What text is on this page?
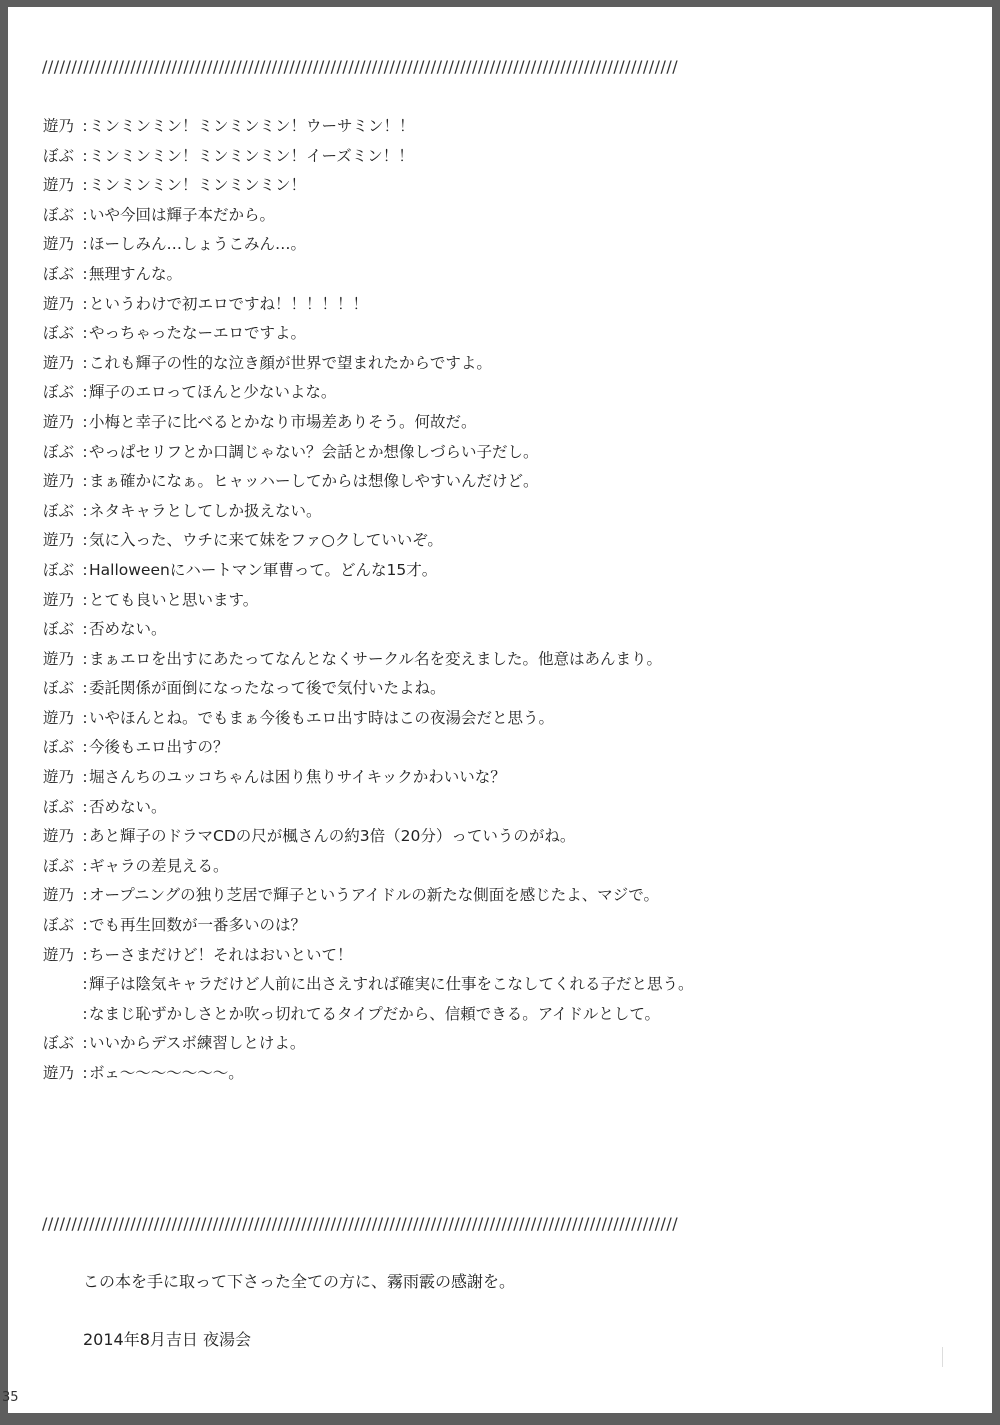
////////////////////////////////////////////////////////////////////////////////////////////////////////////
遊乃 :ミンミンミン！ミンミンミン！ウーサミン！！
ぼぶ :ミンミンミン！ミンミンミン！イーズミン！！
遊乃 :ミンミンミン！ミンミンミン！
ぼぶ :いや今回は輝子本だから。
遊乃 :ほーしみん…しょうこみん…。
ぼぶ :無理すんな。
遊乃 :というわけで初エロですね！！！！！！
ぼぶ :やっちゃったなーエロですよ。
遊乃 :これも輝子の性的な泣き顔が世界で望まれたからですよ。
ぼぶ :輝子のエロってほんと少ないよな。
遊乃 :小梅と幸子に比べるとかなり市場差ありそう。何故だ。
ぼぶ :やっぱセリフとか口調じゃない？会話とか想像しづらい子だし。
遊乃 :まぁ確かになぁ。ヒャッハーしてからは想像しやすいんだけど。
ぼぶ :ネタキャラとしてしか扱えない。
遊乃 :気に入った、ウチに来て妹をファ○クしていいぞ。
ぼぶ :Halloweenにハートマン軍曹って。どんな15才。
遊乃 :とても良いと思います。
ぼぶ :否めない。
遊乃 :まぁエロを出すにあたってなんとなくサークル名を変えました。他意はあんまり。
ぼぶ :委託関係が面倒になったなって後で気付いたよね。
遊乃 :いやほんとね。でもまぁ今後もエロ出す時はこの夜湯会だと思う。
ぼぶ :今後もエロ出すの？
遊乃 :堀さんちのユッコちゃんは困り焦りサイキックかわいいな？
ぼぶ :否めない。
遊乃 :あと輝子のドラマCDの尺が楓さんの約3倍（20分）っていうのがね。
ぼぶ :ギャラの差見える。
遊乃 :オープニングの独り芝居で輝子というアイドルの新たな側面を感じたよ、マジで。
ぼぶ :でも再生回数が一番多いのは？
遊乃 :ちーさまだけど！それはおいといて！
:輝子は陰気キャラだけど人前に出さえすれば確実に仕事をこなしてくれる子だと思う。
:なまじ恥ずかしさとか吹っ切れてるタイプだから、信頼できる。アイドルとして。
ぼぶ :いいからデスボ練習しとけよ。
遊乃 :ボェ〜〜〜〜〜〜〜。
////////////////////////////////////////////////////////////////////////////////////////////////////////////
この本を手に取って下さった全ての方に、霧雨霰の感謝を。
2014年8月吉日 夜湯会
35
